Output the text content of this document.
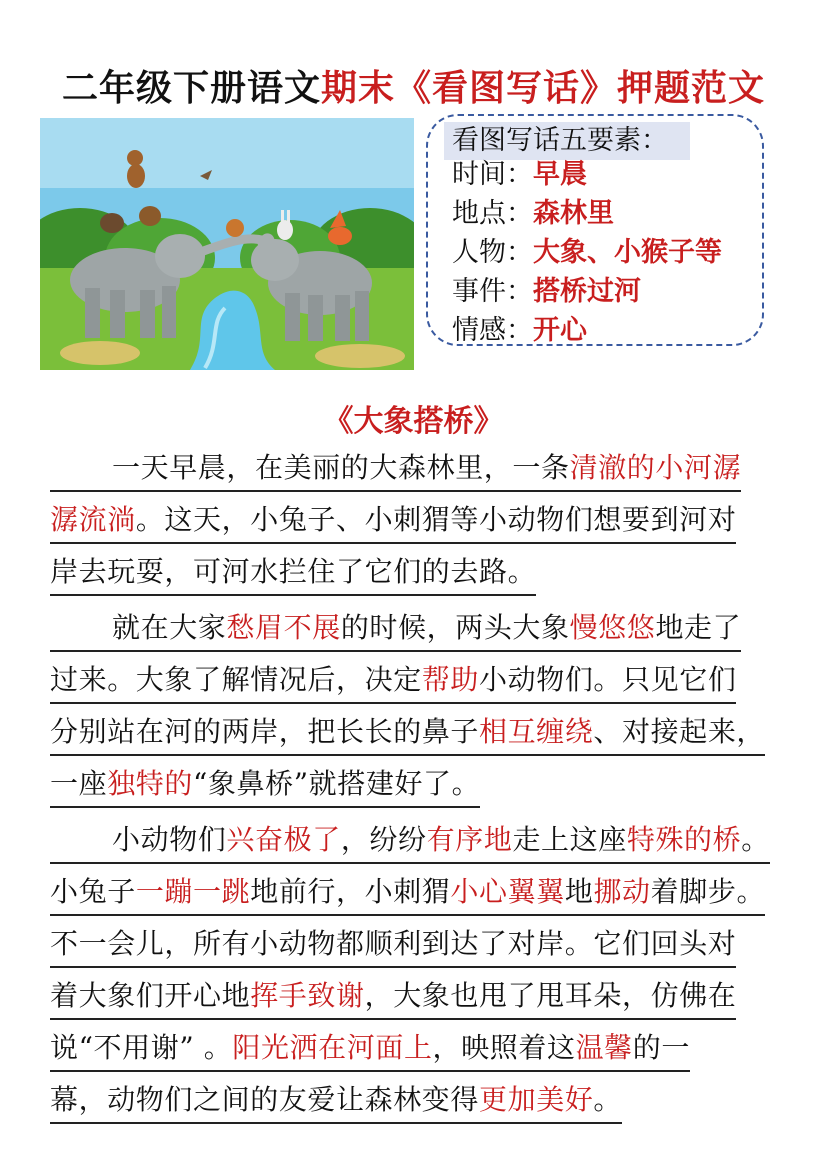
二年级下册语文期末《看图写话》押题范文
看图写话五要素：
时间：早晨
地点：森林里
人物：大象、小猴子等
事件：搭桥过河
情感：开心
《大象搭桥》
一天早晨，在美丽的大森林里，一条清澈的小河潺
潺流淌。这天，小兔子、小刺猬等小动物们想要到河对
岸去玩耍，可河水拦住了它们的去路。
就在大家愁眉不展的时候，两头大象慢悠悠地走了
过来。大象了解情况后，决定帮助小动物们。只见它们
分别站在河的两岸，把长长的鼻子相互缠绕、对接起来，
一座独特的“象鼻桥”就搭建好了。
小动物们兴奋极了，纷纷有序地走上这座特殊的桥。
小兔子一蹦一跳地前行，小刺猬小心翼翼地挪动着脚步。
不一会儿，所有小动物都顺利到达了对岸。它们回头对
着大象们开心地挥手致谢，大象也甩了甩耳朵，仿佛在
说“不用谢” 。阳光洒在河面上，映照着这温馨的一
幕，动物们之间的友爱让森林变得更加美好。
